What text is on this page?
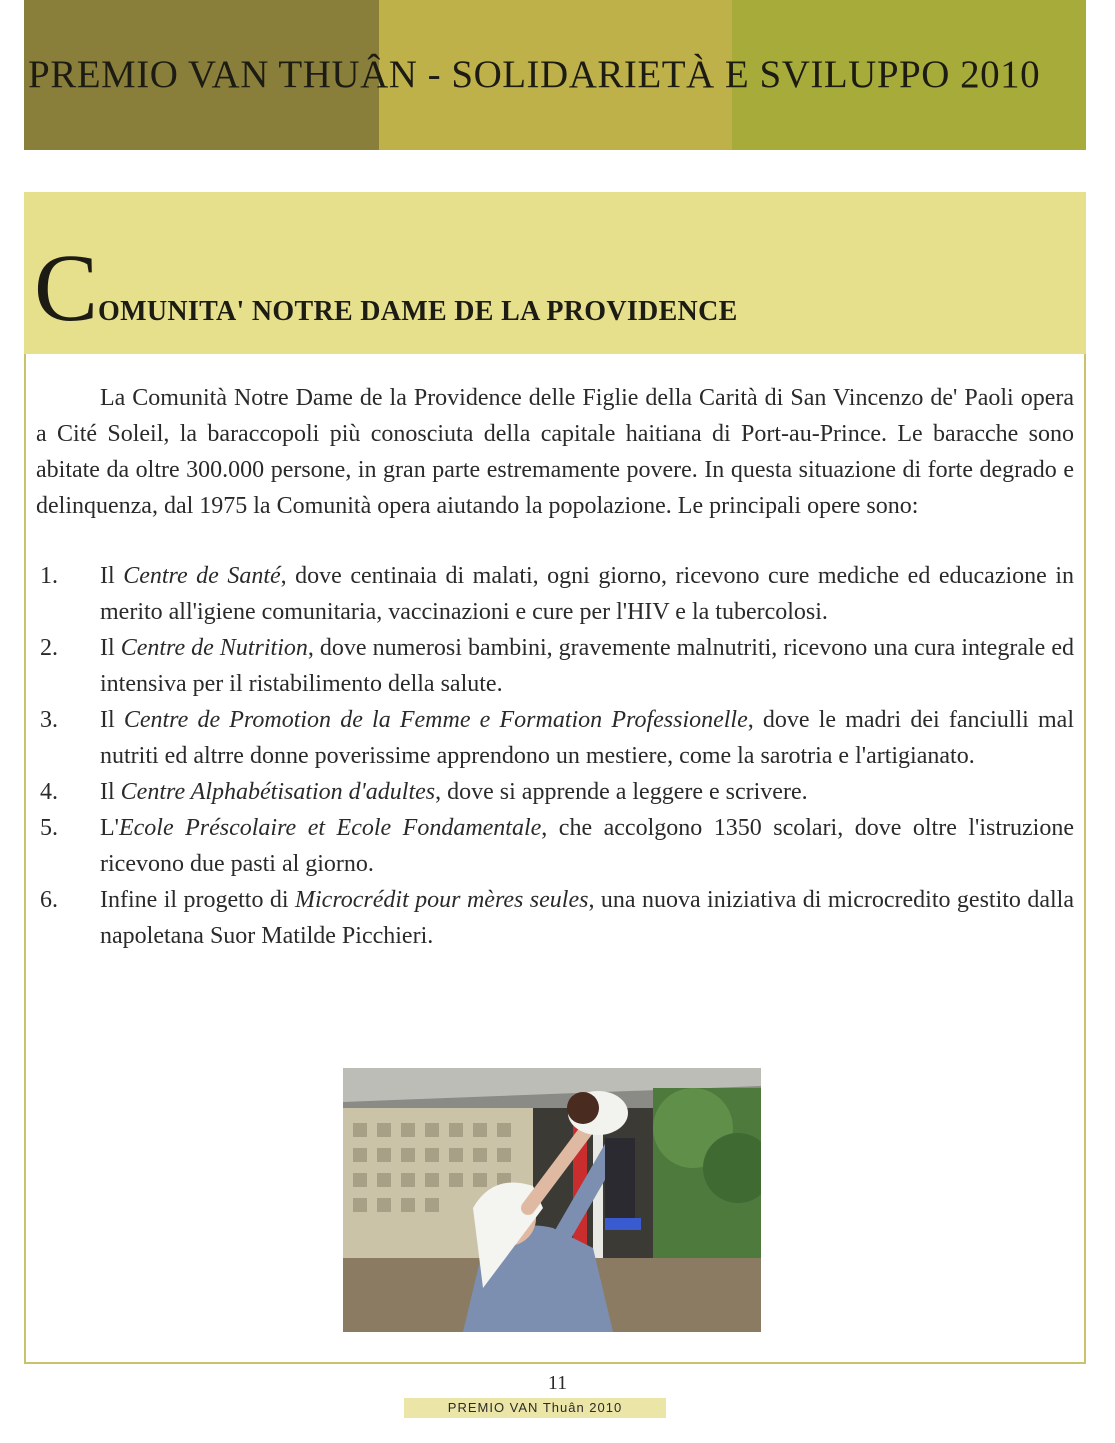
PREMIO VAN THUÂN - SOLIDARIETÀ E SVILUPPO 2010
COMUNITA' NOTRE DAME DE LA PROVIDENCE

La Comunità Notre Dame de la Providence delle Figlie della Carità di San Vincenzo de' Paoli opera a Cité Soleil, la baraccopoli più conosciuta della capitale haitiana di Port-au-Prince. Le baracche sono abitate da oltre 300.000 persone, in gran parte estremamente povere. In questa situazione di forte degrado e delinquenza, dal 1975 la Comunità opera aiutando la popolazione. Le principali opere sono:

1.	Il Centre de Santé, dove centinaia di malati, ogni giorno, ricevono cure mediche ed educazione in merito all'igiene comunitaria, vaccinazioni e cure per l'HIV e la tubercolosi.
2.	Il Centre de Nutrition, dove numerosi bambini, gravemente malnutriti, ricevono una cura integrale ed intensiva per il ristabilimento della salute.
3.	Il Centre de Promotion de la Femme e Formation Professionelle, dove le madri dei fanciulli mal nutriti ed altrre donne poverissime apprendono un mestiere, come la sarotria e l'artigianato.
4.	Il Centre Alphabétisation d'adultes, dove si apprende a leggere e scrivere.
5.	L'Ecole Préscolaire et Ecole Fondamentale, che accolgono 1350 scolari, dove oltre l'istruzione ricevono due pasti al giorno.
6.	Infine il progetto di Microcrédit pour mères seules, una nuova iniziativa di microcredito gestito dalla napoletana Suor Matilde Picchieri.
11
PREMIO VAN Thuân 2010
